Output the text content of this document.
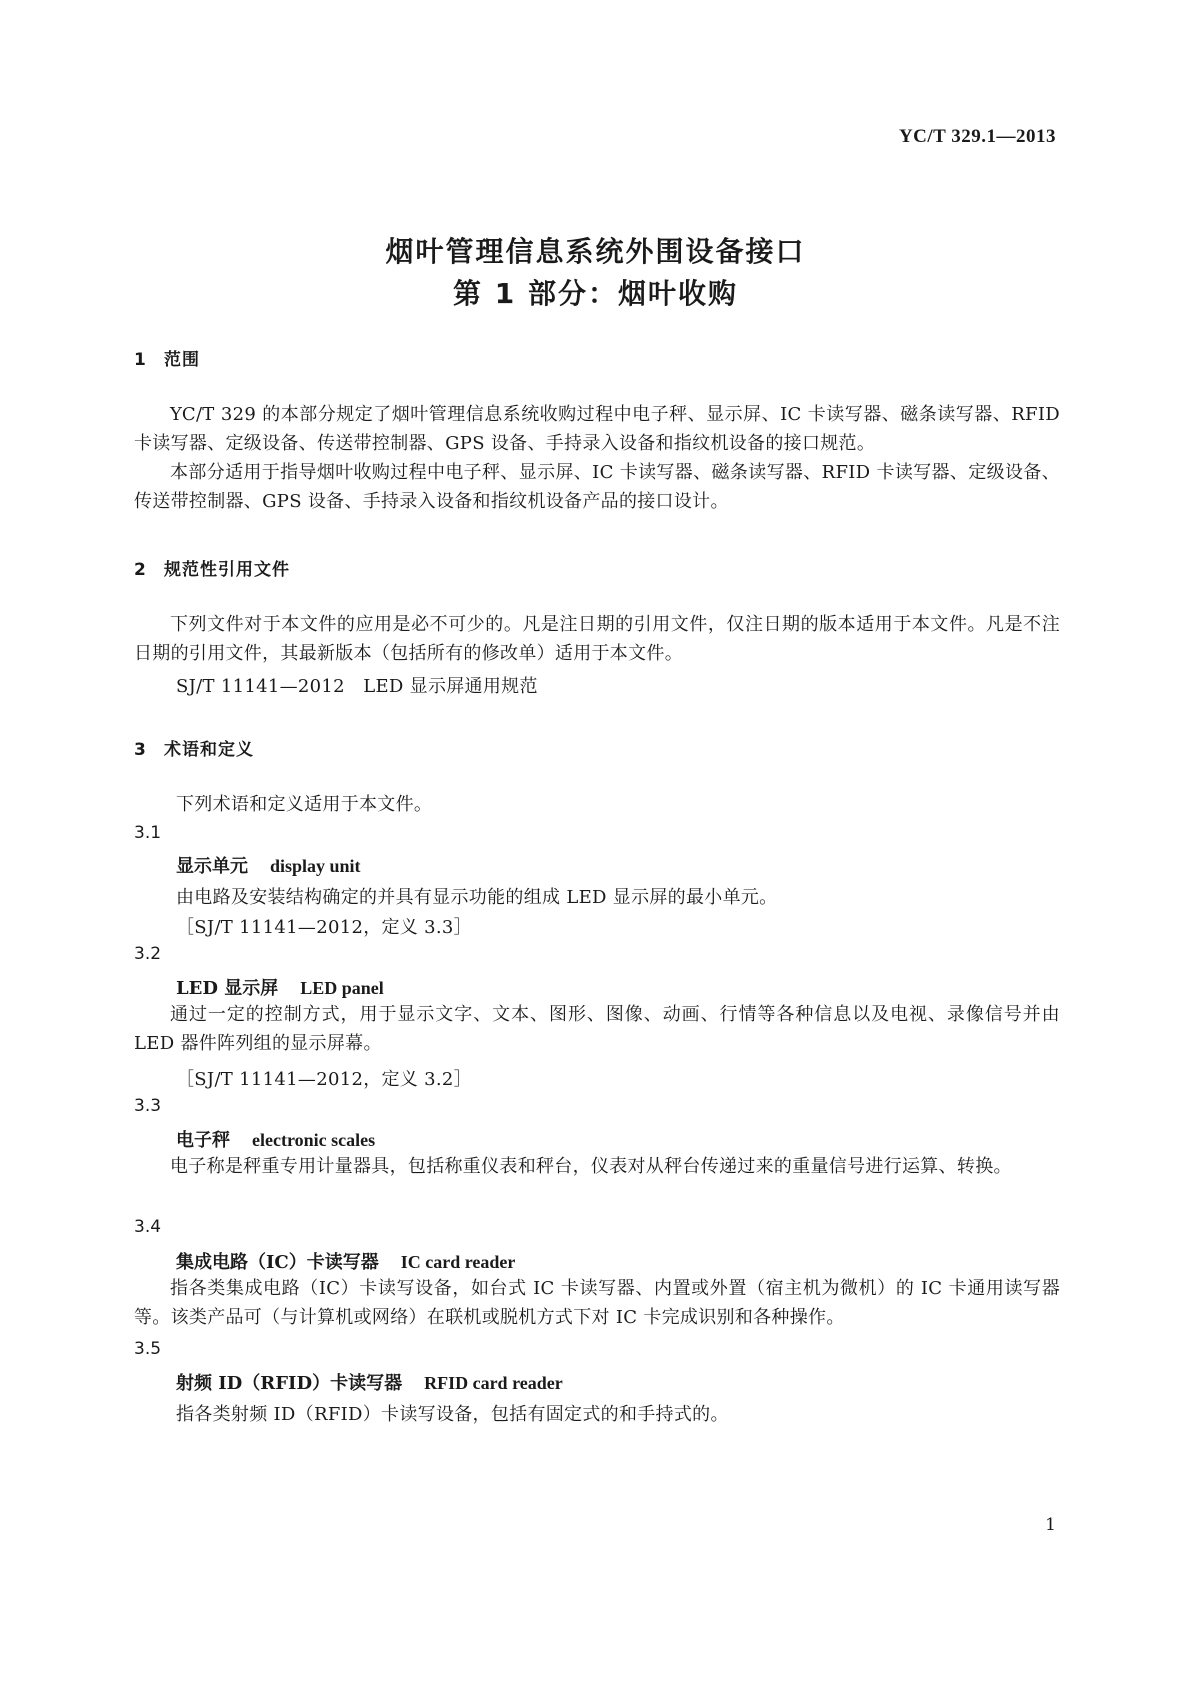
YC/T 329.1—2013
烟叶管理信息系统外围设备接口
第 1 部分：烟叶收购
1 范围

YC/T 329 的本部分规定了烟叶管理信息系统收购过程中电子秤、显示屏、IC 卡读写器、磁条读写器、RFID 卡读写器、定级设备、传送带控制器、GPS 设备、手持录入设备和指纹机设备的接口规范。

本部分适用于指导烟叶收购过程中电子秤、显示屏、IC 卡读写器、磁条读写器、RFID 卡读写器、定级设备、传送带控制器、GPS 设备、手持录入设备和指纹机设备产品的接口设计。

2 规范性引用文件

下列文件对于本文件的应用是必不可少的。凡是注日期的引用文件，仅注日期的版本适用于本文件。凡是不注日期的引用文件，其最新版本（包括所有的修改单）适用于本文件。

SJ/T 11141—2012　LED 显示屏通用规范
3 术语和定义
下列术语和定义适用于本文件。
3.1
显示单元 display unit
由电路及安装结构确定的并具有显示功能的组成 LED 显示屏的最小单元。
［SJ/T 11141—2012，定义 3.3］
3.2
LED 显示屏 LED panel

通过一定的控制方式，用于显示文字、文本、图形、图像、动画、行情等各种信息以及电视、录像信号并由 LED 器件阵列组的显示屏幕。

［SJ/T 11141—2012，定义 3.2］
3.3
电子秤 electronic scales

电子称是秤重专用计量器具，包括称重仪表和秤台，仪表对从秤台传递过来的重量信号进行运算、转换。

3.4
集成电路（IC）卡读写器 IC card reader

指各类集成电路（IC）卡读写设备，如台式 IC 卡读写器、内置或外置（宿主机为微机）的 IC 卡通用读写器等。该类产品可（与计算机或网络）在联机或脱机方式下对 IC 卡完成识别和各种操作。

3.5
射频 ID（RFID）卡读写器 RFID card reader
指各类射频 ID（RFID）卡读写设备，包括有固定式的和手持式的。
1
